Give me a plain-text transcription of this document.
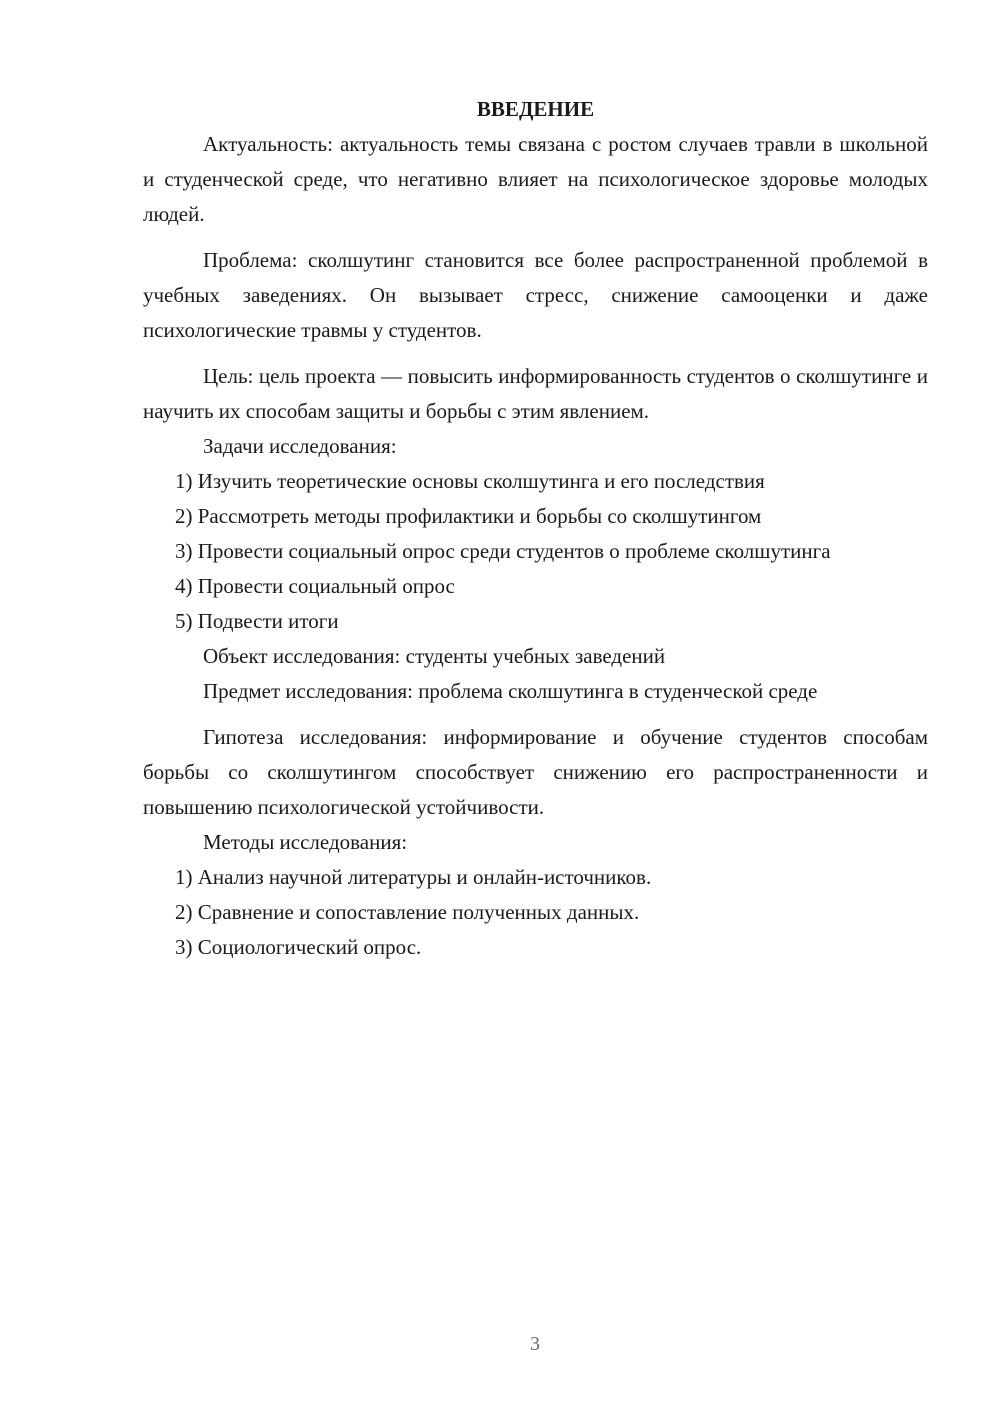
ВВЕДЕНИЕ

Актуальность: актуальность темы связана с ростом случаев травли в школьной и студенческой среде, что негативно влияет на психологическое здоровье молодых людей.

Проблема: сколшутинг становится все более распространенной проблемой в учебных заведениях. Он вызывает стресс, снижение самооценки и даже психологические травмы у студентов.

Цель: цель проекта — повысить информированность студентов о сколшутинге и научить их способам защиты и борьбы с этим явлением.

Задачи исследования:

1) Изучить теоретические основы сколшутинга и его последствия

2) Рассмотреть методы профилактики и борьбы со сколшутингом

3) Провести социальный опрос среди студентов о проблеме сколшутинга

4) Провести социальный опрос

5) Подвести итоги

Объект исследования: студенты учебных заведений

Предмет исследования: проблема сколшутинга в студенческой среде

Гипотеза исследования: информирование и обучение студентов способам борьбы со сколшутингом способствует снижению его распространенности и повышению психологической устойчивости.

Методы исследования:

1) Анализ научной литературы и онлайн-источников.

2) Сравнение и сопоставление полученных данных.

3) Социологический опрос.

3
